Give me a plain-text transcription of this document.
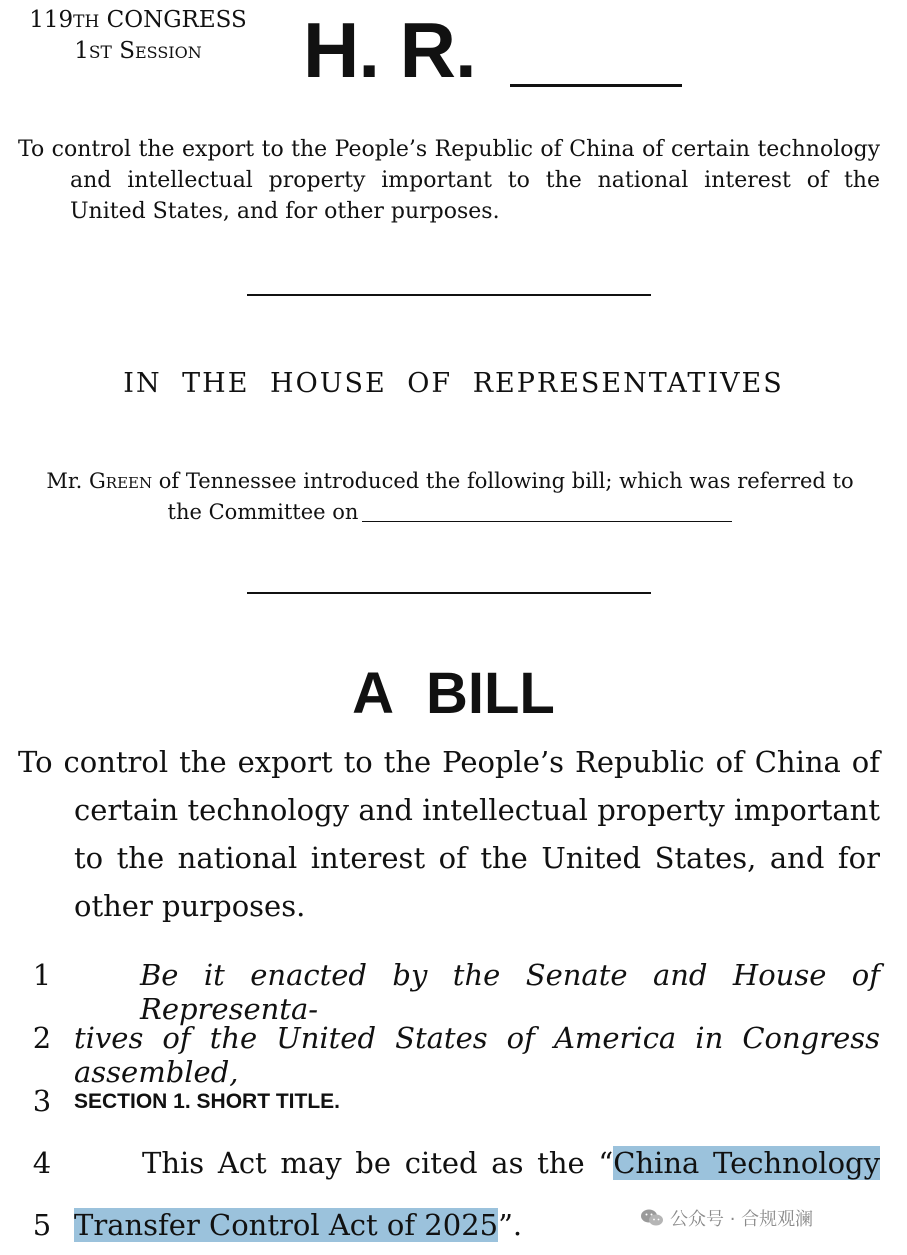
119TH CONGRESS
1ST Session	H. R.
To control the export to the People’s Republic of China of certain technology and intellectual property important to the national interest of the United States, and for other purposes.
IN THE HOUSE OF REPRESENTATIVES
Mr. Green of Tennessee introduced the following bill; which was referred to the Committee on
A BILL
To control the export to the People’s Republic of China of certain technology and intellectual property important to the national interest of the United States, and for other purposes.
1	Be it enacted by the Senate and House of Representa-
2 tives of the United States of America in Congress assembled,
3	SECTION 1. SHORT TITLE.
4	This Act may be cited as the “China Technology
5 Transfer Control Act of 2025”.	公众号 · 合规观澜
